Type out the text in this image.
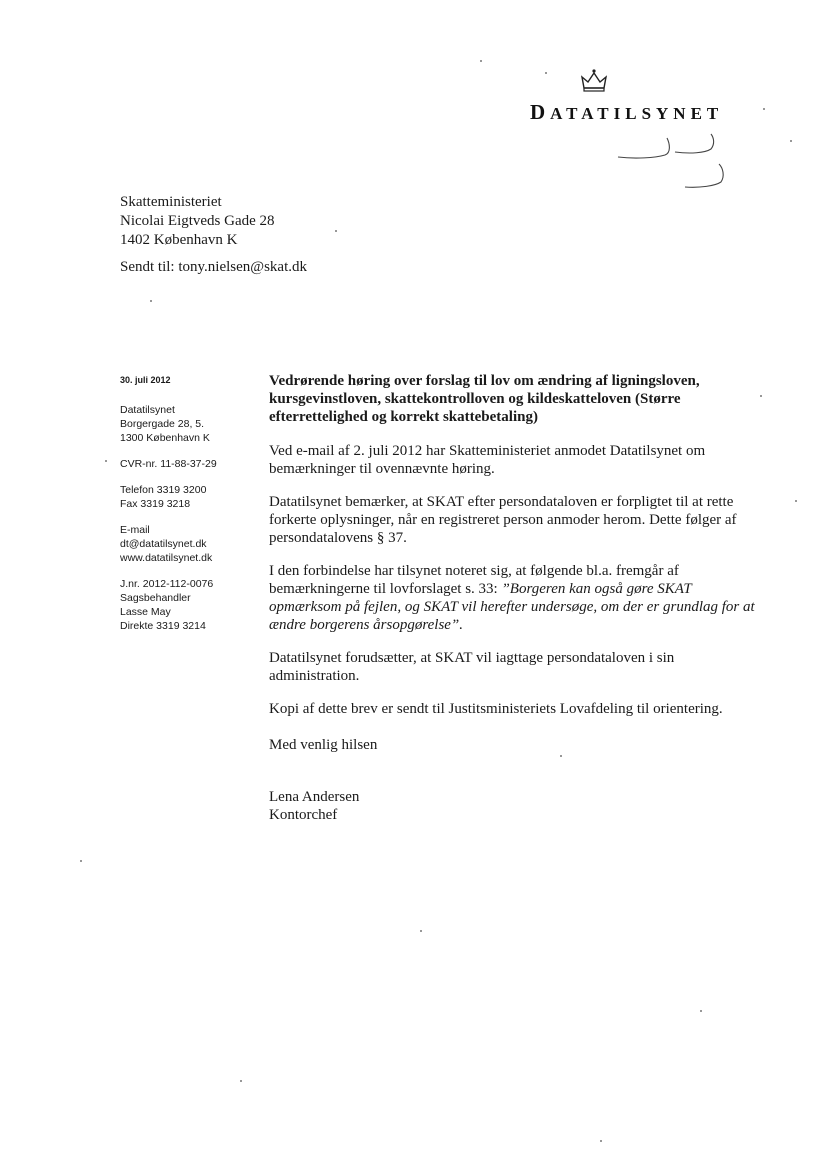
DATATILSYNET
Skatteministeriet
Nicolai Eigtveds Gade 28
1402 København K
Sendt til: tony.nielsen@skat.dk
30. juli 2012
Datatilsynet
Borgergade 28, 5.
1300 København K
CVR-nr. 11-88-37-29
Telefon 3319 3200
Fax 3319 3218
E-mail
dt@datatilsynet.dk
www.datatilsynet.dk
J.nr. 2012-112-0076
Sagsbehandler
Lasse May
Direkte 3319 3214

Vedrørende høring over forslag til lov om ændring af ligningsloven, kursgevinstloven, skattekontrolloven og kildeskatteloven (Større efterrettelighed og korrekt skattebetaling)

Ved e-mail af 2. juli 2012 har Skatteministeriet anmodet Datatilsynet om bemærkninger til ovennævnte høring.

Datatilsynet bemærker, at SKAT efter persondataloven er forpligtet til at rette forkerte oplysninger, når en registreret person anmoder herom. Dette følger af persondatalovens § 37.

I den forbindelse har tilsynet noteret sig, at følgende bl.a. fremgår af bemærkningerne til lovforslaget s. 33: ”Borgeren kan også gøre SKAT opmærksom på fejlen, og SKAT vil herefter undersøge, om der er grundlag for at ændre borgerens årsopgørelse”.

Datatilsynet forudsætter, at SKAT vil iagttage persondataloven i sin administration.

Kopi af dette brev er sendt til Justitsministeriets Lovafdeling til orientering.

Med venlig hilsen

Lena Andersen
Kontorchef
